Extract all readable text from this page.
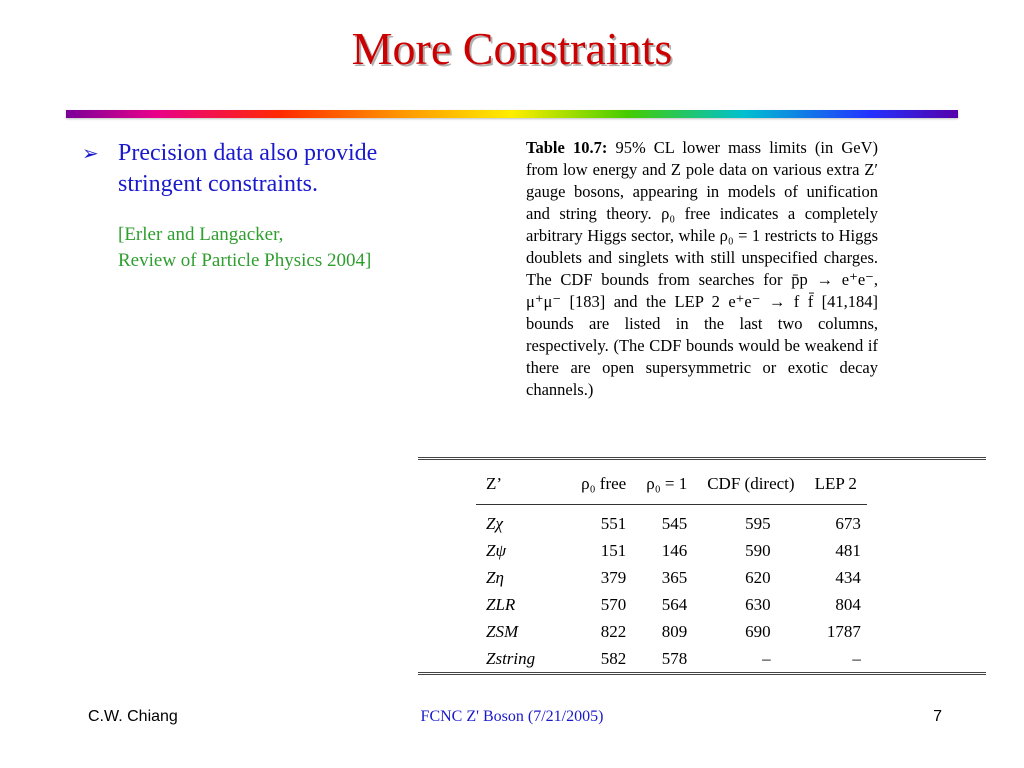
More Constraints
➢ Precision data also provide stringent constraints.
[Erler and Langacker,
Review of Particle Physics 2004]
Table 10.7: 95% CL lower mass limits (in GeV) from low energy and Z pole data on various extra Z′ gauge bosons, appearing in models of unification and string theory. ρ₀ free indicates a completely arbitrary Higgs sector, while ρ₀ = 1 restricts to Higgs doublets and singlets with still unspecified charges. The CDF bounds from searches for p̄p → e⁺e⁻, μ⁺μ⁻ [183] and the LEP 2 e⁺e⁻ → f f̄ [41,184] bounds are listed in the last two columns, respectively. (The CDF bounds would be weakend if there are open supersymmetric or exotic decay channels.)
Z’	ρ₀ free	ρ₀ = 1	CDF (direct)	LEP 2
Zχ	551	545	595	673
Zψ	151	146	590	481
Zη	379	365	620	434
ZLR	570	564	630	804
ZSM	822	809	690	1787
Zstring	582	578	–	–
C.W. Chiang	FCNC Z' Boson (7/21/2005)	7
